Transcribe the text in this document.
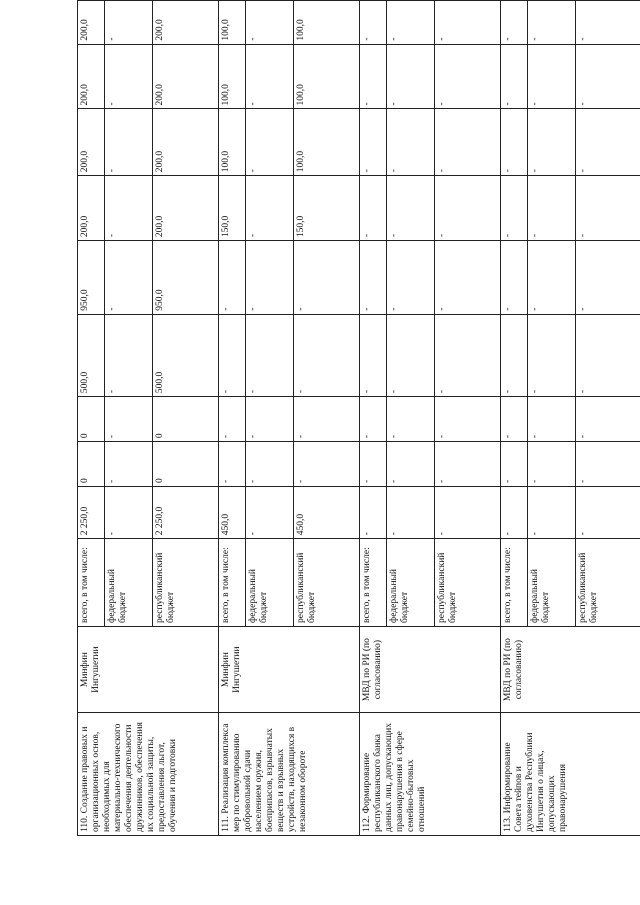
110. Создание правовых и организационных основ, необходимых для материально-технического обеспечения деятельности дружинников, обеспечения их социальной защиты, предоставления льгот, обучения и подготовки	Минфин Ингушетии	всего, в том числе:	2 250,0	0	0	500,0	950,0	200,0	200,0	200,0	200,0
		федеральный бюджет	-	-	-	-	-	-	-	-	-
		республиканский бюджет	2 250,0	0	0	500,0	950,0	200,0	200,0	200,0	200,0
111. Реализация комплекса мер по стимулированию добровольной сдачи населением оружия, боеприпасов, взрывчатых веществ и взрывных устройств, находящихся в незаконном обороте	Минфин Ингушетии	всего, в том числе:	450,0	-	-	-	-	150,0	100,0	100,0	100,0
		федеральный бюджет	-	-	-	-	-	-	-	-	-
		республиканский бюджет	450,0	-	-	-	-	150,0	100,0	100,0	100,0
112. Формирование республиканского банка данных лиц, допускающих правонарушения в сфере семейно-бытовых отношений	МВД по РИ (по согласованию)	всего, в том числе:	-	-	-	-	-	-	-	-	-
		федеральный бюджет	-	-	-	-	-	-	-	-	-
		республиканский бюджет	-	-	-	-	-	-	-	-	-
113. Информирование Совета тейпов и духовенства Республики Ингушетия о лицах, допускающих правонарушения	МВД по РИ (по согласованию)	всего, в том числе:	-	-	-	-	-	-	-	-	-
		федеральный бюджет	-	-	-	-	-	-	-	-	-
		республиканский бюджет	-	-	-	-	-	-	-	-	-
